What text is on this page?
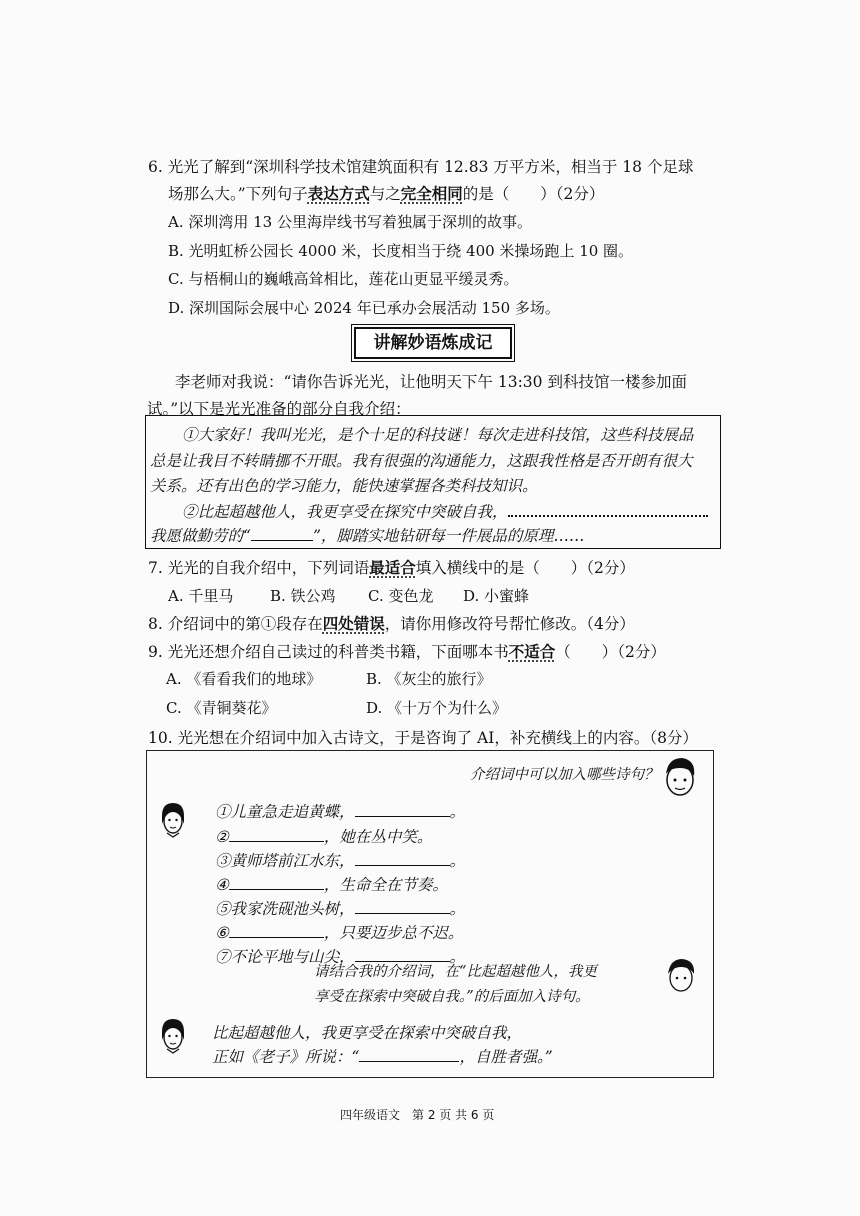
6. 光光了解到“深圳科学技术馆建筑面积有 12.83 万平方米，相当于 18 个足球
场那么大。”下列句子表达方式与之完全相同的是（　　）（2分）
A. 深圳湾用 13 公里海岸线书写着独属于深圳的故事。
B. 光明虹桥公园长 4000 米，长度相当于绕 400 米操场跑上 10 圈。
C. 与梧桐山的巍峨高耸相比，莲花山更显平缓灵秀。
D. 深圳国际会展中心 2024 年已承办会展活动 150 多场。
讲解妙语炼成记
李老师对我说：“请你告诉光光，让他明天下午 13:30 到科技馆一楼参加面
试。”以下是光光准备的部分自我介绍：
①大家好！我叫光光，是个十足的科技谜！每次走进科技馆，这些科技展品
总是让我目不转睛挪不开眼。我有很强的沟通能力，这跟我性格是否开朗有很大
关系。还有出色的学习能力，能快速掌握各类科技知识。
②比起超越他人，我更享受在探究中突破自我，
我愿做勤劳的“	”，脚踏实地钻研每一件展品的原理……
7. 光光的自我介绍中，下列词语最适合填入横线中的是（　　）（2分）
A. 千里马 B. 铁公鸡 C. 变色龙 D. 小蜜蜂
8. 介绍词中的第①段存在四处错误，请你用修改符号帮忙修改。（4分）
9. 光光还想介绍自己读过的科普类书籍，下面哪本书不适合（　　）（2分）
A. 《看看我们的地球》	B. 《灰尘的旅行》
C. 《青铜葵花》	D. 《十万个为什么》
10. 光光想在介绍词中加入古诗文，于是咨询了 AI，补充横线上的内容。（8分）
介绍词中可以加入哪些诗句？
①儿童急走追黄蝶，	。
②	，她在丛中笑。
③黄师塔前江水东，	。
④	，生命全在节奏。
⑤我家洗砚池头树，	。
⑥	，只要迈步总不迟。
⑦不论平地与山尖，	。
请结合我的介绍词，在“比起超越他人，我更
享受在探索中突破自我。”的后面加入诗句。
比起超越他人，我更享受在探索中突破自我，
正如《老子》所说：“	，自胜者强。”
四年级语文　第 2 页 共 6 页
